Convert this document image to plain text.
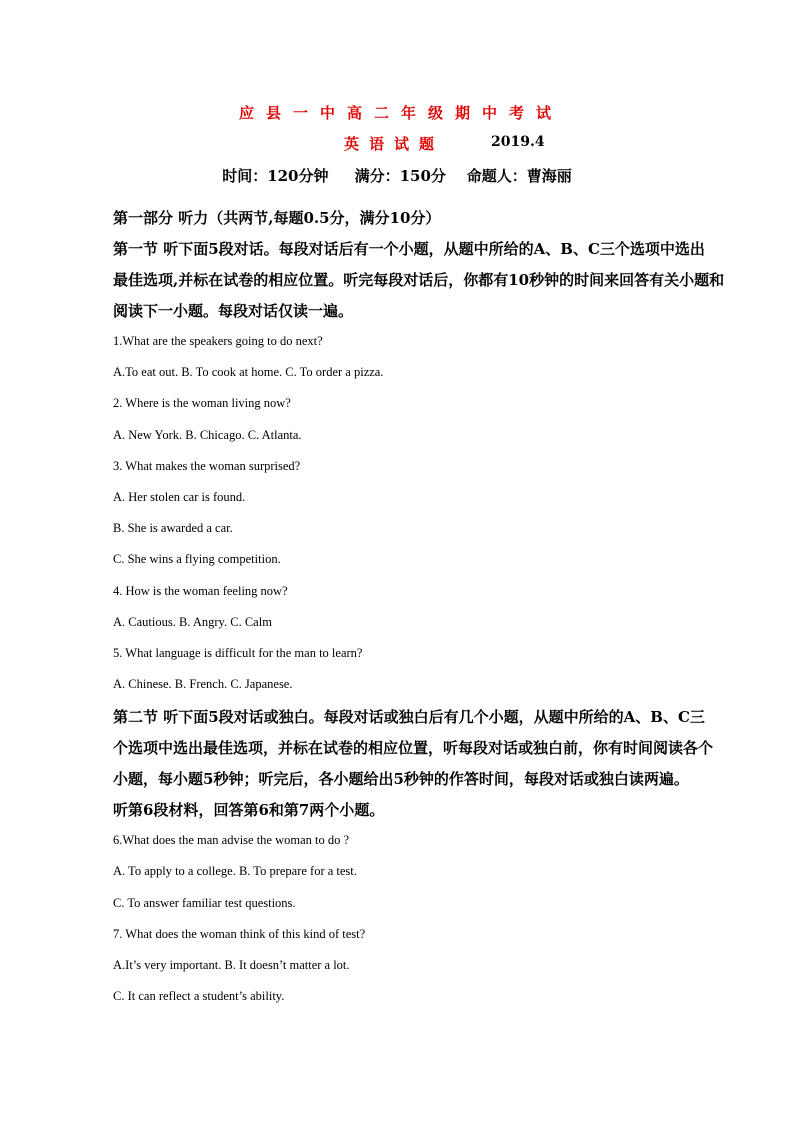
应县一中高二年级期中考试
英语试题	2019.4
时间：120分钟     满分：150分    命题人：曹海丽
第一部分 听力（共两节,每题0.5分，满分10分）
第一节 听下面5段对话。每段对话后有一个小题，从题中所给的A、B、C三个选项中选出
最佳选项,并标在试卷的相应位置。听完每段对话后，你都有10秒钟的时间来回答有关小题和
阅读下一小题。每段对话仅读一遍。
1.What are the speakers going to do next?
A.To eat out. B. To cook at home. C. To order a pizza.
2. Where is the woman living now?
A. New York. B. Chicago. C. Atlanta.
3. What makes the woman surprised?
A. Her stolen car is found.
B. She is awarded a car.
C. She wins a flying competition.
4. How is the woman feeling now?
A. Cautious. B. Angry. C. Calm
5. What language is difficult for the man to learn?
A. Chinese. B. French. C. Japanese.
第二节 听下面5段对话或独白。每段对话或独白后有几个小题，从题中所给的A、B、C三
个选项中选出最佳选项，并标在试卷的相应位置，听每段对话或独白前，你有时间阅读各个
小题，每小题5秒钟；听完后，各小题给出5秒钟的作答时间，每段对话或独白读两遍。
听第6段材料，回答第6和第7两个小题。
6.What does the man advise the woman to do ?
A. To apply to a college. B. To prepare for a test.
C. To answer familiar test questions.
7. What does the woman think of this kind of test?
A.It’s very important. B. It doesn’t matter a lot.
C. It can reflect a student’s ability.
